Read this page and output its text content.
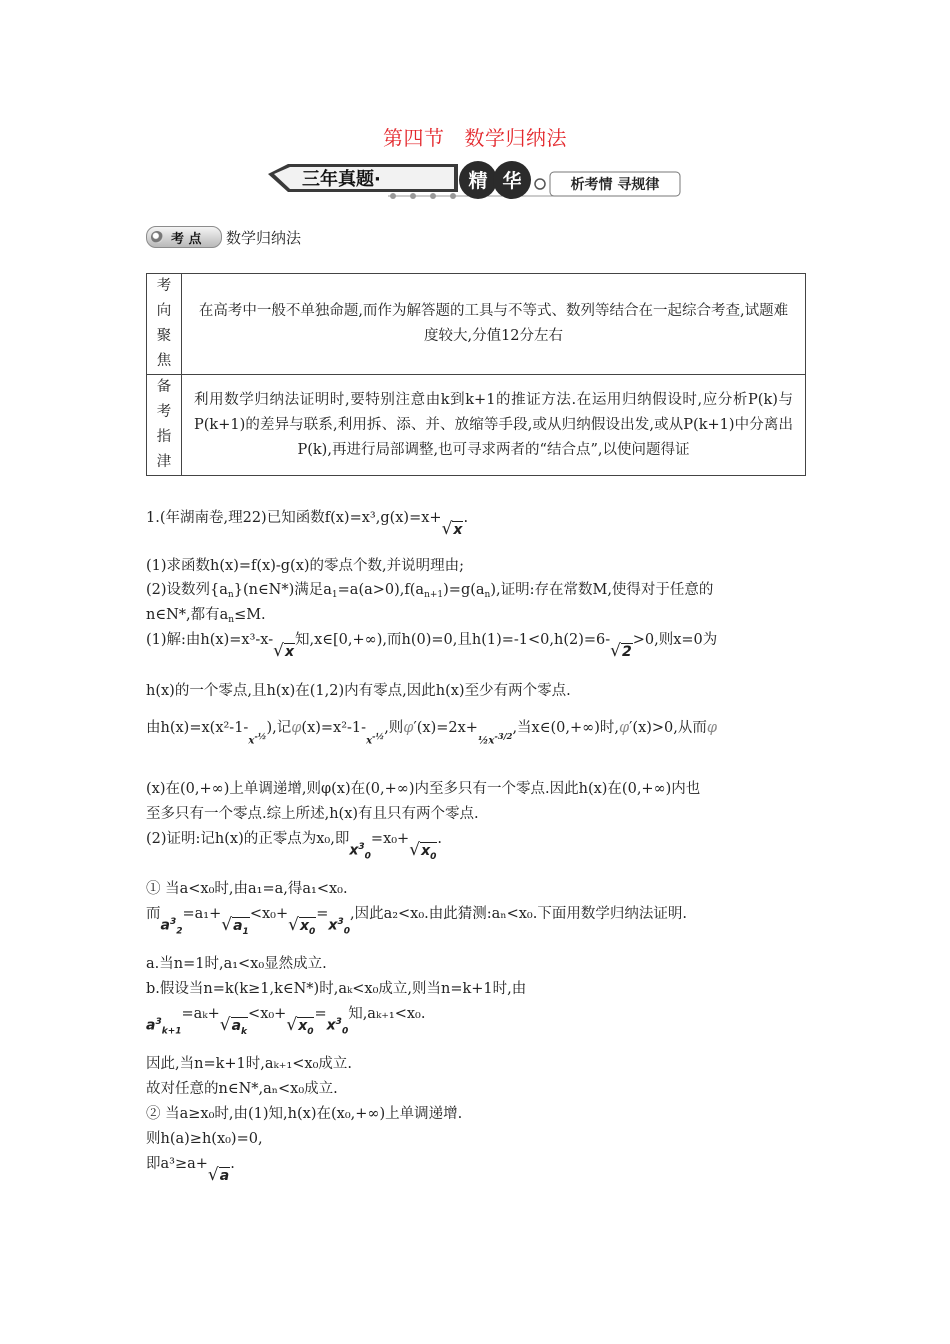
第四节 数学归纳法
三年真题·	精 华	析考情 寻规律
考 点 数学归纳法
考
向
聚
焦	在高考中一般不单独命题,而作为解答题的工具与不等式、数列等结合在一起综合考查,试题难度较大,分值12分左右

备
考
指
津	利用数学归纳法证明时,要特别注意由k到k+1的推证方法.在运用归纳假设时,应分析P(k)与P(k+1)的差异与联系,利用拆、添、并、放缩等手段,或从归纳假设出发,或从P(k+1)中分离出P(k),再进行局部调整,也可寻求两者的“结合点”,以使问题得证
1.(年湖南卷,理22)已知函数f(x)=x³,g(x)=x+√x.
(1)求函数h(x)=f(x)-g(x)的零点个数,并说明理由;
(2)设数列$\{a_n\}(n\in N*)$满足$a_1=a(a>0),f(a_{n+1})=g(a_n)$,证明:存在常数M,使得对于任意的
n∈N*,都有$a_n\le M$.
(1)解:由h(x)=x³-x-√x知,x∈[0,+∞),而h(0)=0,且h(1)=-1<0,h(2)=6-√2>0,则x=0为
h(x)的一个零点,且h(x)在(1,2)内有零点,因此h(x)至少有两个零点.
由$h(x)=x(x^2-1-x^{-\frac{1}{2}})$,记$\varphi(x)=x^2-1-x^{-\frac{1}{2}}$,则$\varphi'(x)=2x+\frac{1}{2}x^{-3/2}$,当x∈(0,+∞)时,φ′(x)>0,从而φ
(x)在(0,+∞)上单调递增,则φ(x)在(0,+∞)内至多只有一个零点.因此h(x)在(0,+∞)内也
至多只有一个零点.综上所述,h(x)有且只有两个零点.
(2)证明:记h(x)的正零点为x₀,即$x^3_0=x_0+√x_0$.
① 当a<x₀时,由a₁=a,得a₁<x₀.
而$a^3_2=a_1+√a_1<x_0+√x_0=x^3_0$,因此a₂<x₀.由此猜测:aₙ<x₀.下面用数学归纳法证明.
a.当n=1时,a₁<x₀显然成立.
b.假设当n=k(k≥1,k∈N*)时,aₖ<x₀成立,则当n=k+1时,由
$a^3_{k+1}=a_k+√a_k<x_0+√x_0=x^3_0$知,aₖ₊₁<x₀.
因此,当n=k+1时,aₖ₊₁<x₀成立.
故对任意的n∈N*,aₙ<x₀成立.
② 当a≥x₀时,由(1)知,h(x)在(x₀,+∞)上单调递增.
则h(a)≥h(x₀)=0,
即a³≥a+√a.
